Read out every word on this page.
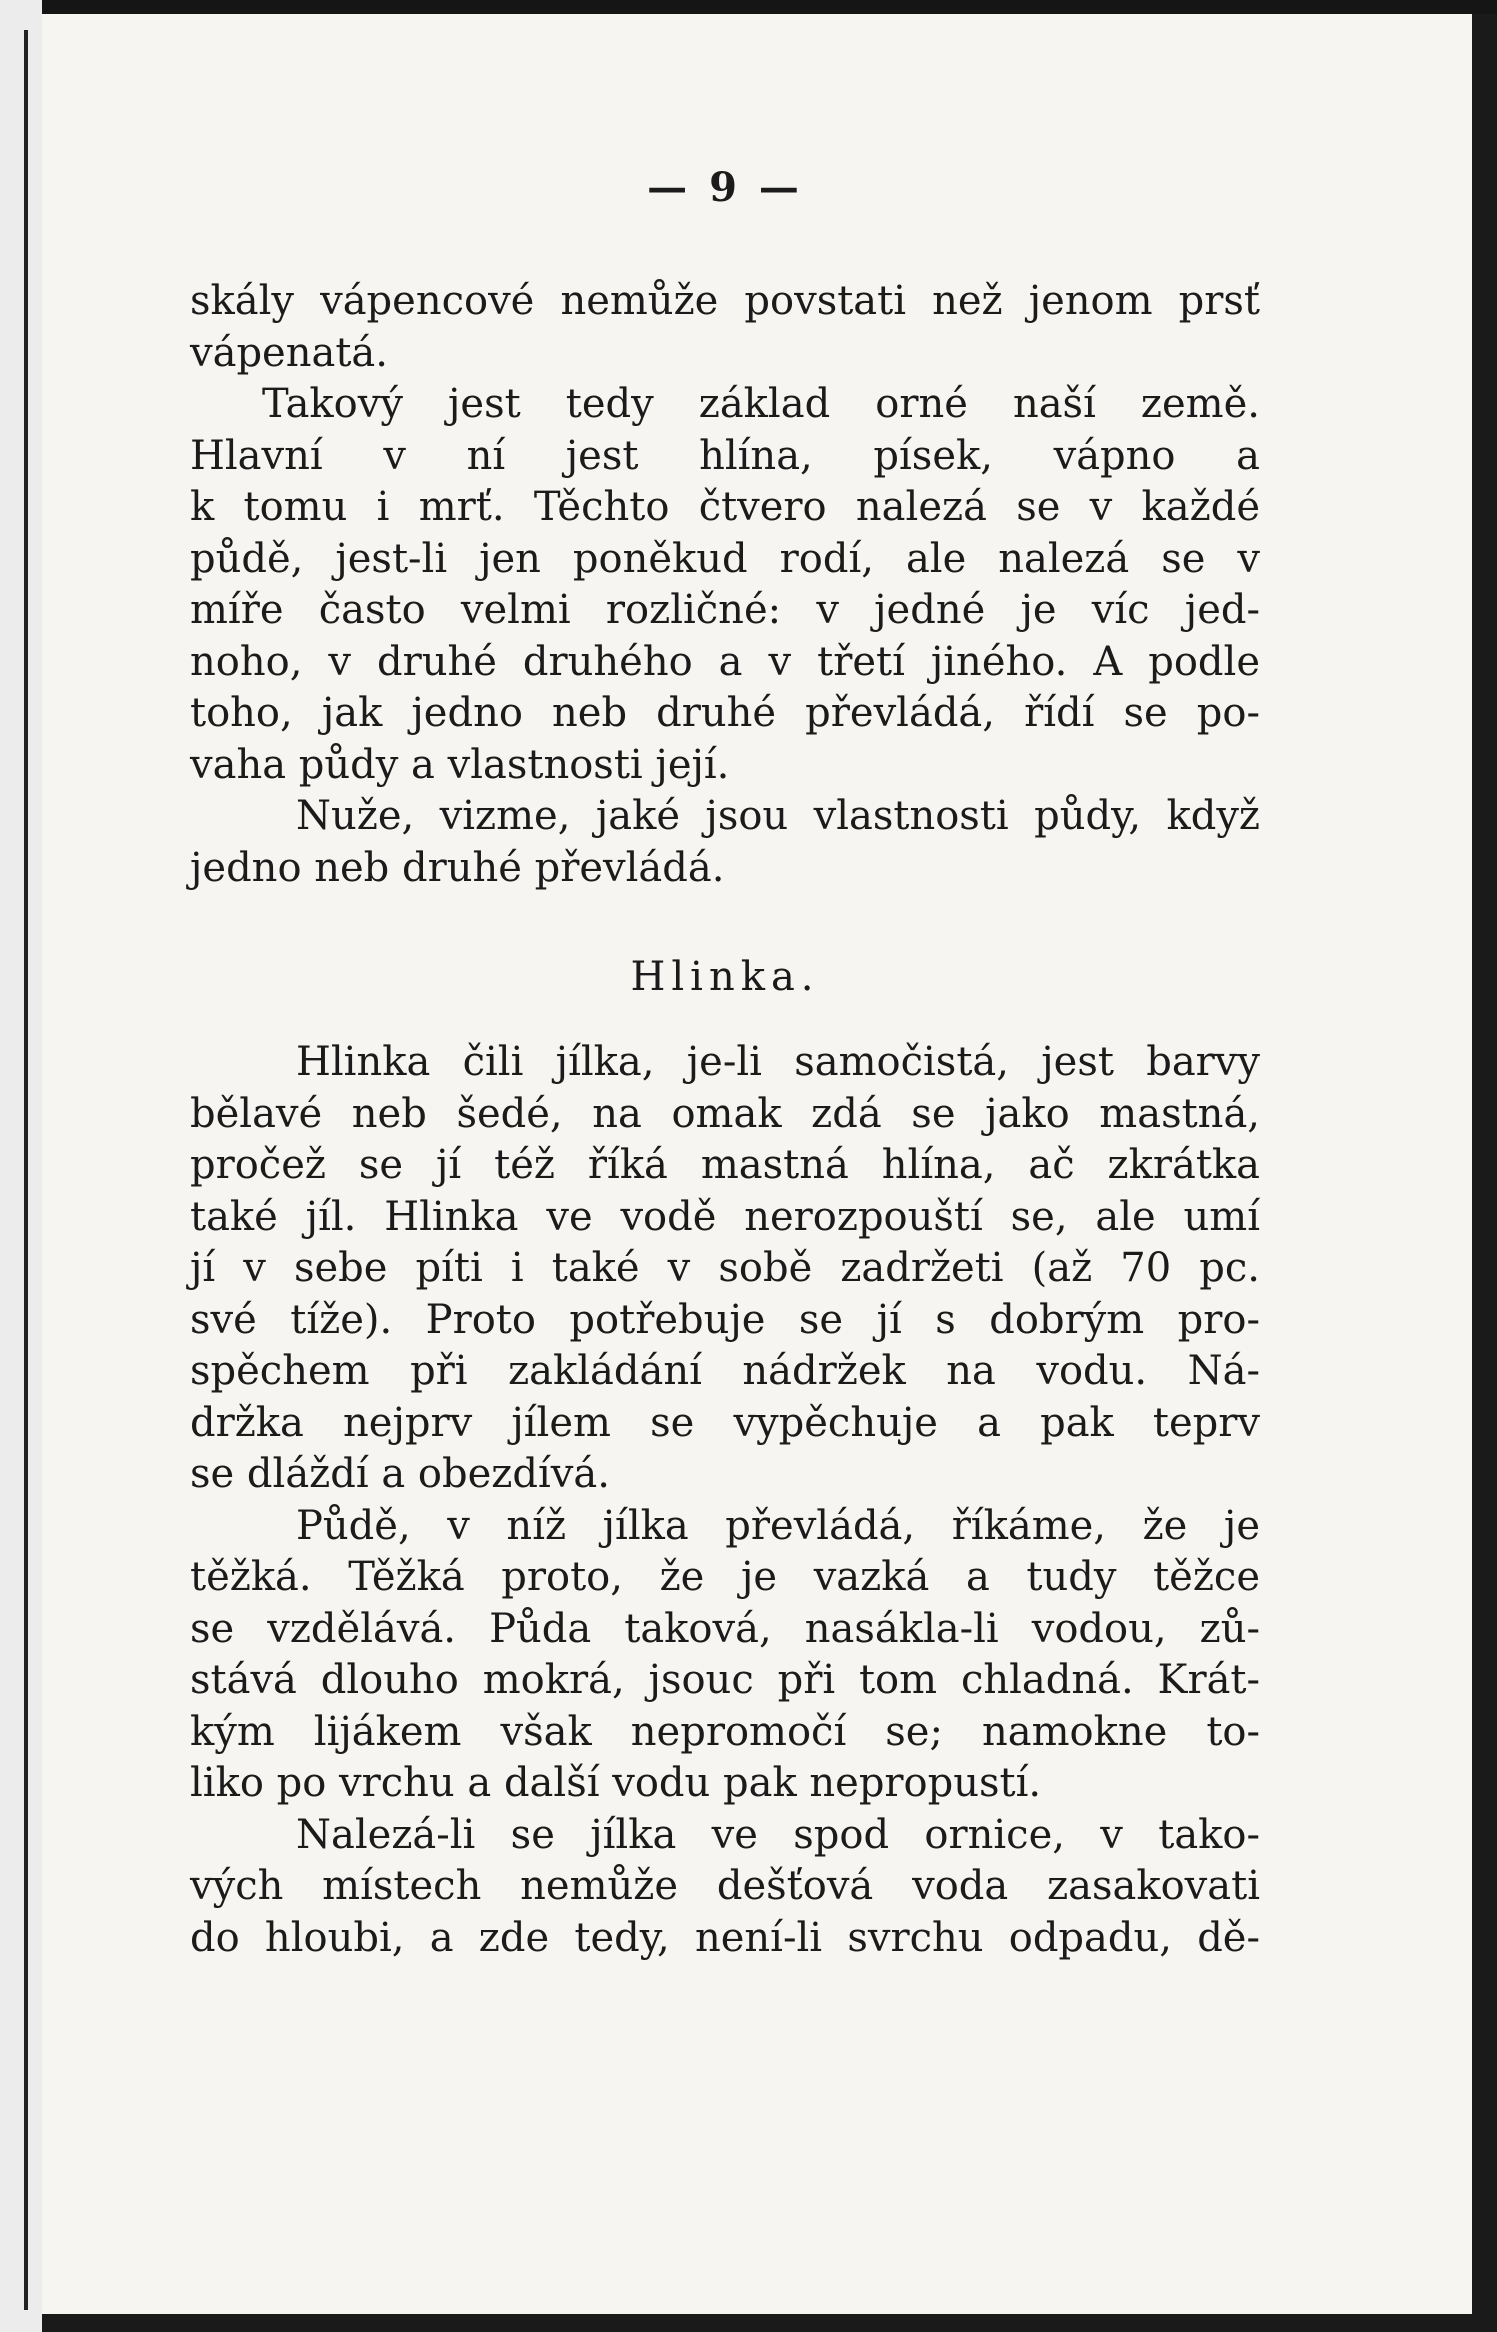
— 9 —

skály vápencové nemůže povstati než jenom prsť
vápenatá.

Takový jest tedy základ orné naší země.
Hlavní v ní jest hlína, písek, vápno a
k tomu i mrť. Těchto čtvero nalezá se v každé
půdě, jest-li jen poněkud rodí, ale nalezá se v
míře často velmi rozličné: v jedné je víc jed-
noho, v druhé druhého a v třetí jiného. A podle
toho, jak jedno neb druhé převládá, řídí se po-
vaha půdy a vlastnosti její.

Nuže, vizme, jaké jsou vlastnosti půdy, když
jedno neb druhé převládá.

Hlinka.

Hlinka čili jílka, je-li samočistá, jest barvy
bělavé neb šedé, na omak zdá se jako mastná,
pročež se jí též říká mastná hlína, ač zkrátka
také jíl. Hlinka ve vodě nerozpouští se, ale umí
jí v sebe píti i také v sobě zadržeti (až 70 pc.
své tíže). Proto potřebuje se jí s dobrým pro-
spěchem při zakládání nádržek na vodu. Ná-
držka nejprv jílem se vypěchuje a pak teprv
se dláždí a obezdívá.

Půdě, v níž jílka převládá, říkáme, že je
těžká. Těžká proto, že je vazká a tudy těžce
se vzdělává. Půda taková, nasákla-li vodou, zů-
stává dlouho mokrá, jsouc při tom chladná. Krát-
kým lijákem však nepromočí se; namokne to-
liko po vrchu a další vodu pak nepropustí.

Nalezá-li se jílka ve spod ornice, v tako-
vých místech nemůže dešťová voda zasakovati
do hloubi, a zde tedy, není-li svrchu odpadu, dě-
